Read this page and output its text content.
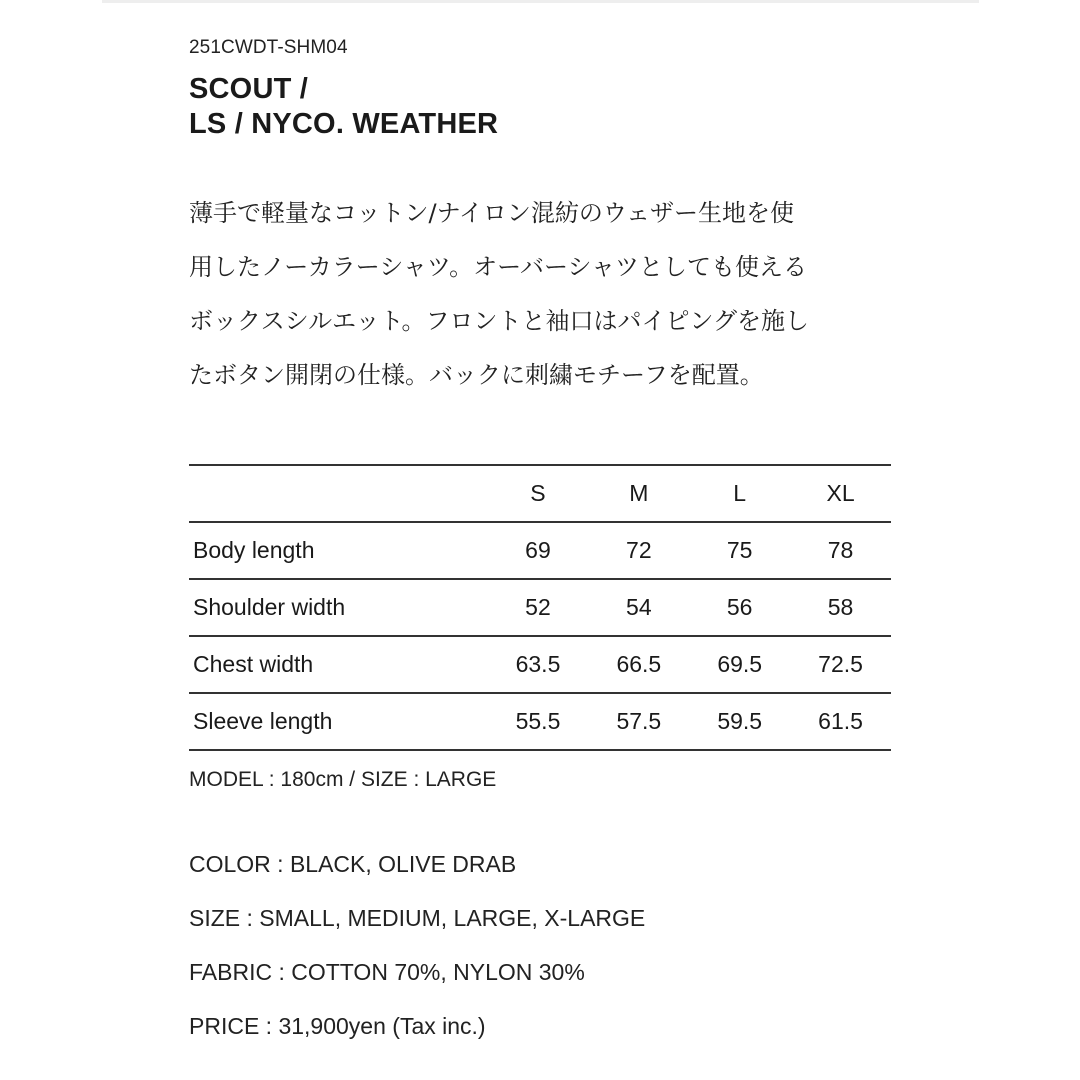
251CWDT-SHM04
SCOUT /
LS / NYCO. WEATHER
薄手で軽量なコットン/ナイロン混紡のウェザー生地を使
用したノーカラーシャツ。オーバーシャツとしても使える
ボックスシルエット。フロントと袖口はパイピングを施し
たボタン開閉の仕様。バックに刺繍モチーフを配置。
	S	M	L	XL
Body length	69	72	75	78
Shoulder width	52	54	56	58
Chest width	63.5	66.5	69.5	72.5
Sleeve length	55.5	57.5	59.5	61.5
MODEL : 180cm / SIZE : LARGE
COLOR : BLACK, OLIVE DRAB
SIZE : SMALL, MEDIUM, LARGE, X-LARGE
FABRIC : COTTON 70%, NYLON 30%
PRICE : 31,900yen (Tax inc.)
